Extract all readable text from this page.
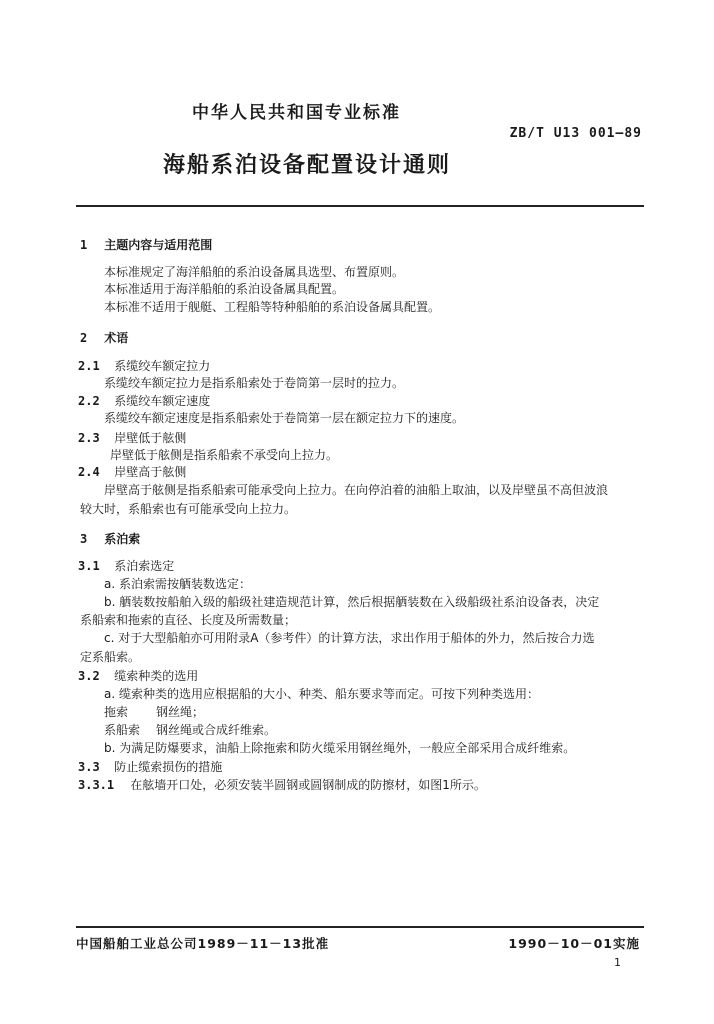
中华人民共和国专业标准
ZB/T U13 001—89
海船系泊设备配置设计通则
1 主题内容与适用范围
本标准规定了海洋船舶的系泊设备属具选型、布置原则。
本标准适用于海洋船舶的系泊设备属具配置。
本标准不适用于舰艇、工程船等特种船舶的系泊设备属具配置。
2 术语
2.1 系缆绞车额定拉力
系缆绞车额定拉力是指系船索处于卷筒第一层时的拉力。
2.2 系缆绞车额定速度
系缆绞车额定速度是指系船索处于卷筒第一层在额定拉力下的速度。
2.3 岸壁低于舷侧
岸壁低于舷侧是指系船索不承受向上拉力。
2.4 岸壁高于舷侧
岸壁高于舷侧是指系船索可能承受向上拉力。在向停泊着的油船上取油，以及岸壁虽不高但波浪
较大时，系船索也有可能承受向上拉力。
3 系泊索
3.1 系泊索选定
a. 系泊索需按舾装数选定：
b. 舾装数按船舶入级的船级社建造规范计算，然后根据舾装数在入级船级社系泊设备表，决定
系船索和拖索的直径、长度及所需数量；
c. 对于大型船舶亦可用附录A（参考件）的计算方法，求出作用于船体的外力，然后按合力选
定系船索。
3.2 缆索种类的选用
a. 缆索种类的选用应根据船的大小、种类、船东要求等而定。可按下列种类选用：
拖索 钢丝绳；
系船索 钢丝绳或合成纤维索。
b. 为满足防爆要求，油船上除拖索和防火缆采用钢丝绳外，一般应全部采用合成纤维索。
3.3 防止缆索损伤的措施
3.3.1 在舷墙开口处，必须安装半圆钢或圆钢制成的防擦材，如图1所示。
中国船舶工业总公司1989－11－13批准	1990－10－01实施
1
